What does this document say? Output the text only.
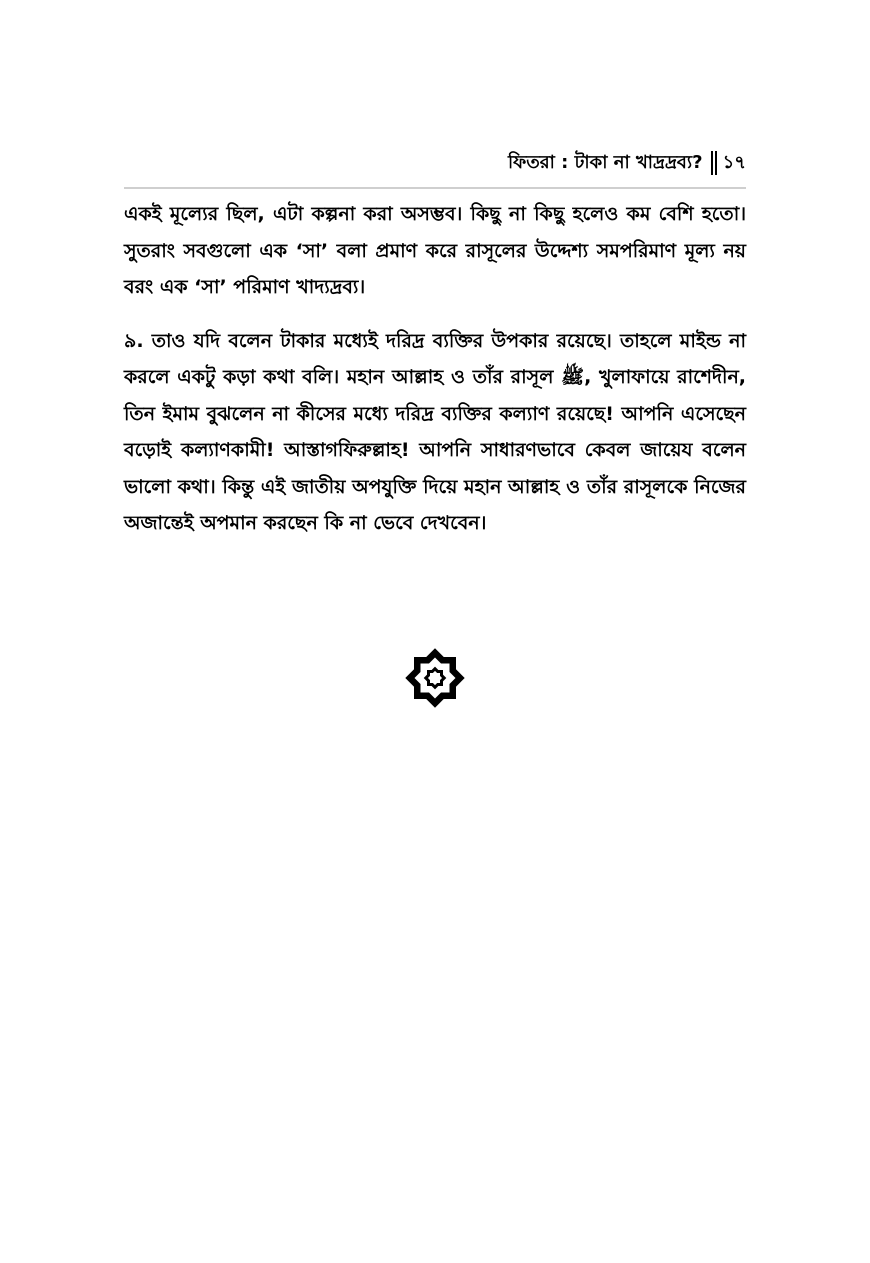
ফিতরা : টাকা না খাদ্রদ্রব্য? ১৭

একই মূল্যের ছিল, এটা কল্পনা করা অসম্ভব। কিছু না কিছু হলেও কম বেশি হতো। সুতরাং সবগুলো এক ‘সা’ বলা প্রমাণ করে রাসূলের উদ্দেশ্য সমপরিমাণ মূল্য নয় বরং এক ‘সা’ পরিমাণ খাদ্যদ্রব্য।

৯. তাও যদি বলেন টাকার মধ্যেই দরিদ্র ব্যক্তির উপকার রয়েছে। তাহলে মাইন্ড না করলে একটু কড়া কথা বলি। মহান আল্লাহ ও তাঁর রাসূল ﷺ, খুলাফায়ে রাশেদীন, তিন ইমাম বুঝলেন না কীসের মধ্যে দরিদ্র ব্যক্তির কল্যাণ রয়েছে! আপনি এসেছেন বড়োই কল্যাণকামী! আস্তাগফিরুল্লাহ! আপনি সাধারণভাবে কেবল জায়েয বলেন ভালো কথা। কিন্তু এই জাতীয় অপযুক্তি দিয়ে মহান আল্লাহ ও তাঁর রাসূলকে নিজের অজান্তেই অপমান করছেন কি না ভেবে দেখবেন।
